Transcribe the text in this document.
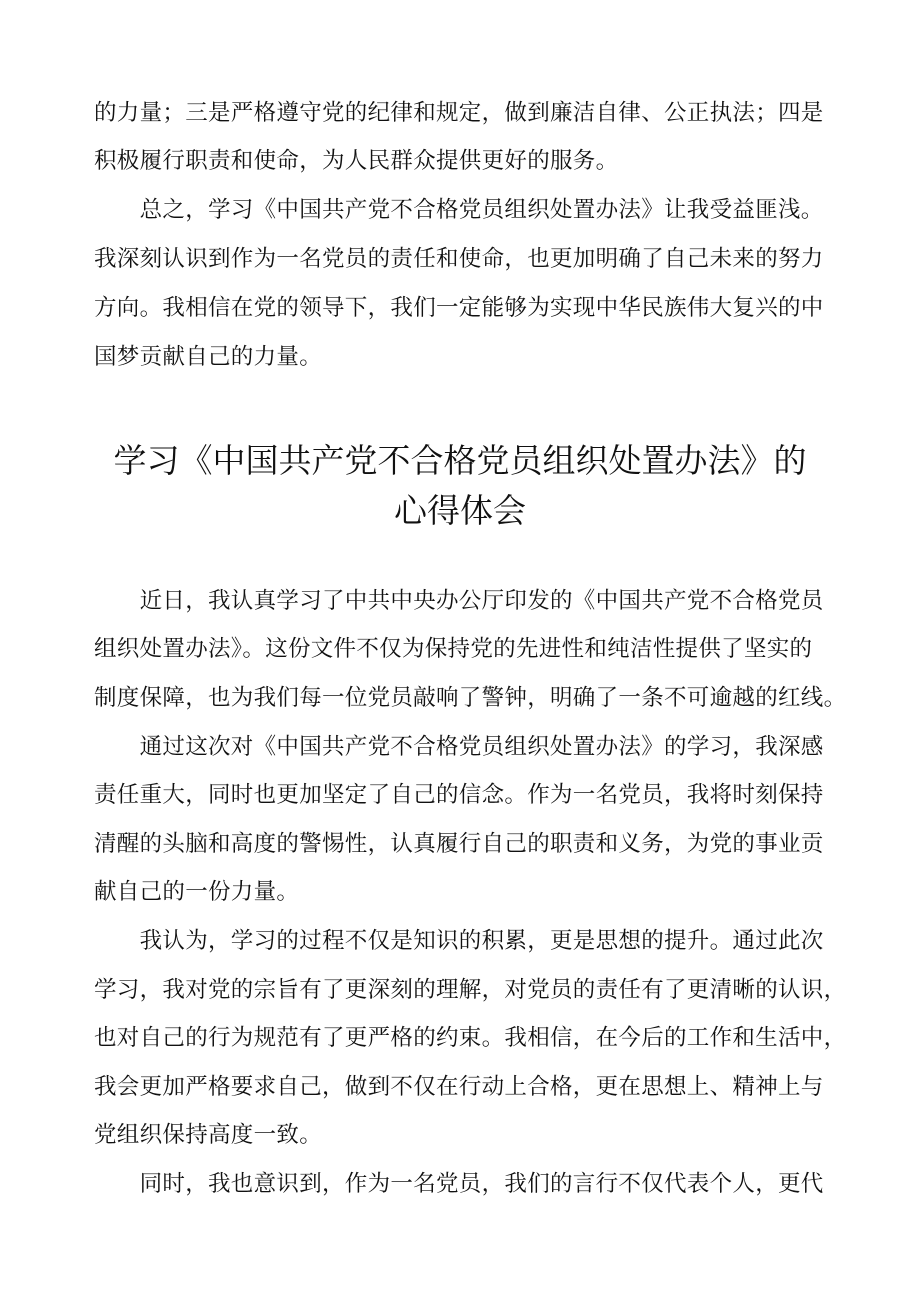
的力量；三是严格遵守党的纪律和规定，做到廉洁自律、公正执法；四是
积极履行职责和使命，为人民群众提供更好的服务。
　　总之，学习《中国共产党不合格党员组织处置办法》让我受益匪浅。
我深刻认识到作为一名党员的责任和使命，也更加明确了自己未来的努力
方向。我相信在党的领导下，我们一定能够为实现中华民族伟大复兴的中
国梦贡献自己的力量。
学习《中国共产党不合格党员组织处置办法》的
心得体会
　　近日，我认真学习了中共中央办公厅印发的《中国共产党不合格党员
组织处置办法》。这份文件不仅为保持党的先进性和纯洁性提供了坚实的
制度保障，也为我们每一位党员敲响了警钟，明确了一条不可逾越的红线。
　　通过这次对《中国共产党不合格党员组织处置办法》的学习，我深感
责任重大，同时也更加坚定了自己的信念。作为一名党员，我将时刻保持
清醒的头脑和高度的警惕性，认真履行自己的职责和义务，为党的事业贡
献自己的一份力量。
　　我认为，学习的过程不仅是知识的积累，更是思想的提升。通过此次
学习，我对党的宗旨有了更深刻的理解，对党员的责任有了更清晰的认识，
也对自己的行为规范有了更严格的约束。我相信，在今后的工作和生活中，
我会更加严格要求自己，做到不仅在行动上合格，更在思想上、精神上与
党组织保持高度一致。
　　同时，我也意识到，作为一名党员，我们的言行不仅代表个人，更代
